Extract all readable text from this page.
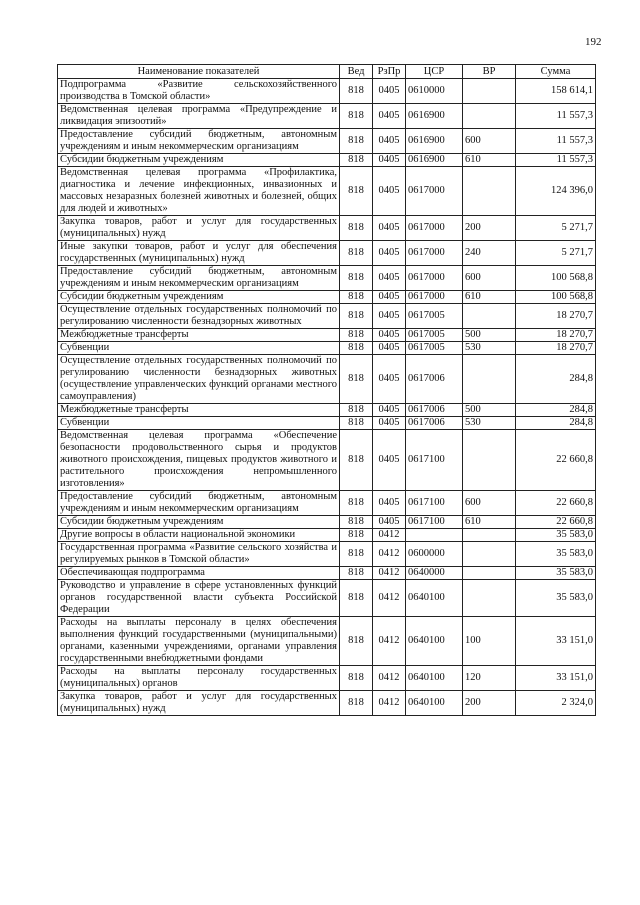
192
Наименование показателей	Вед	РзПр	ЦСР	ВР	Сумма
Подпрограмма «Развитие сельскохозяйственного производства в Томской области»	818	0405	0610000		158 614,1
Ведомственная целевая программа «Предупреждение и ликвидация эпизоотий»	818	0405	0616900		11 557,3
Предоставление субсидий бюджетным, автономным учреждениям и иным некоммерческим организациям	818	0405	0616900	600	11 557,3
Субсидии бюджетным учреждениям	818	0405	0616900	610	11 557,3
Ведомственная целевая программа «Профилактика, диагностика и лечение инфекционных, инвазионных и массовых незаразных болезней животных и болезней, общих для людей и животных»	818	0405	0617000		124 396,0
Закупка товаров, работ и услуг для государственных (муниципальных) нужд	818	0405	0617000	200	5 271,7
Иные закупки товаров, работ и услуг для обеспечения государственных (муниципальных) нужд	818	0405	0617000	240	5 271,7
Предоставление субсидий бюджетным, автономным учреждениям и иным некоммерческим организациям	818	0405	0617000	600	100 568,8
Субсидии бюджетным учреждениям	818	0405	0617000	610	100 568,8
Осуществление отдельных государственных полномочий по регулированию численности безнадзорных животных	818	0405	0617005		18 270,7
Межбюджетные трансферты	818	0405	0617005	500	18 270,7
Субвенции	818	0405	0617005	530	18 270,7
Осуществление отдельных государственных полномочий по регулированию численности безнадзорных животных (осуществление управленческих функций органами местного самоуправления)	818	0405	0617006		284,8
Межбюджетные трансферты	818	0405	0617006	500	284,8
Субвенции	818	0405	0617006	530	284,8
Ведомственная целевая программа «Обеспечение безопасности продовольственного сырья и продуктов животного происхождения, пищевых продуктов животного и растительного происхождения непромышленного изготовления»	818	0405	0617100		22 660,8
Предоставление субсидий бюджетным, автономным учреждениям и иным некоммерческим организациям	818	0405	0617100	600	22 660,8
Субсидии бюджетным учреждениям	818	0405	0617100	610	22 660,8
Другие вопросы в области национальной экономики	818	0412			35 583,0
Государственная программа «Развитие сельского хозяйства и регулируемых рынков в Томской области»	818	0412	0600000		35 583,0
Обеспечивающая подпрограмма	818	0412	0640000		35 583,0
Руководство и управление в сфере установленных функций органов государственной власти субъекта Российской Федерации	818	0412	0640100		35 583,0
Расходы на выплаты персоналу в целях обеспечения выполнения функций государственными (муниципальными) органами, казенными учреждениями, органами управления государственными внебюджетными фондами	818	0412	0640100	100	33 151,0
Расходы на выплаты персоналу государственных (муниципальных) органов	818	0412	0640100	120	33 151,0
Закупка товаров, работ и услуг для государственных (муниципальных) нужд	818	0412	0640100	200	2 324,0
